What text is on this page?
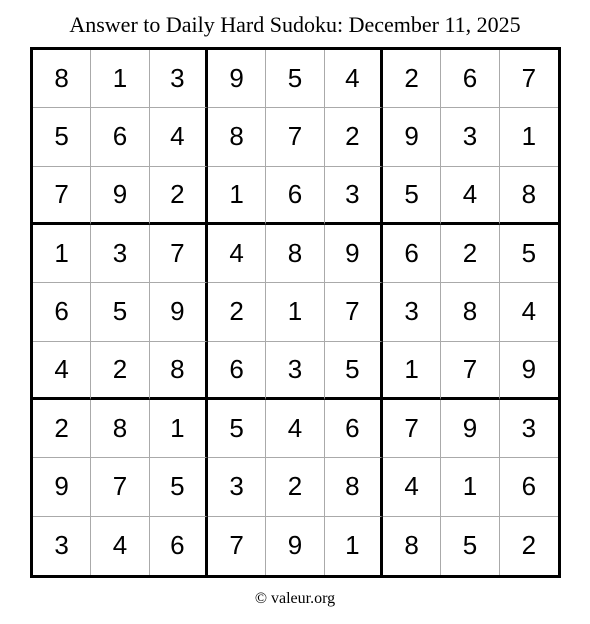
Answer to Daily Hard Sudoku: December 11, 2025
8	1	3	9	5	4	2	6	7
5	6	4	8	7	2	9	3	1
7	9	2	1	6	3	5	4	8
1	3	7	4	8	9	6	2	5
6	5	9	2	1	7	3	8	4
4	2	8	6	3	5	1	7	9
2	8	1	5	4	6	7	9	3
9	7	5	3	2	8	4	1	6
3	4	6	7	9	1	8	5	2
© valeur.org
